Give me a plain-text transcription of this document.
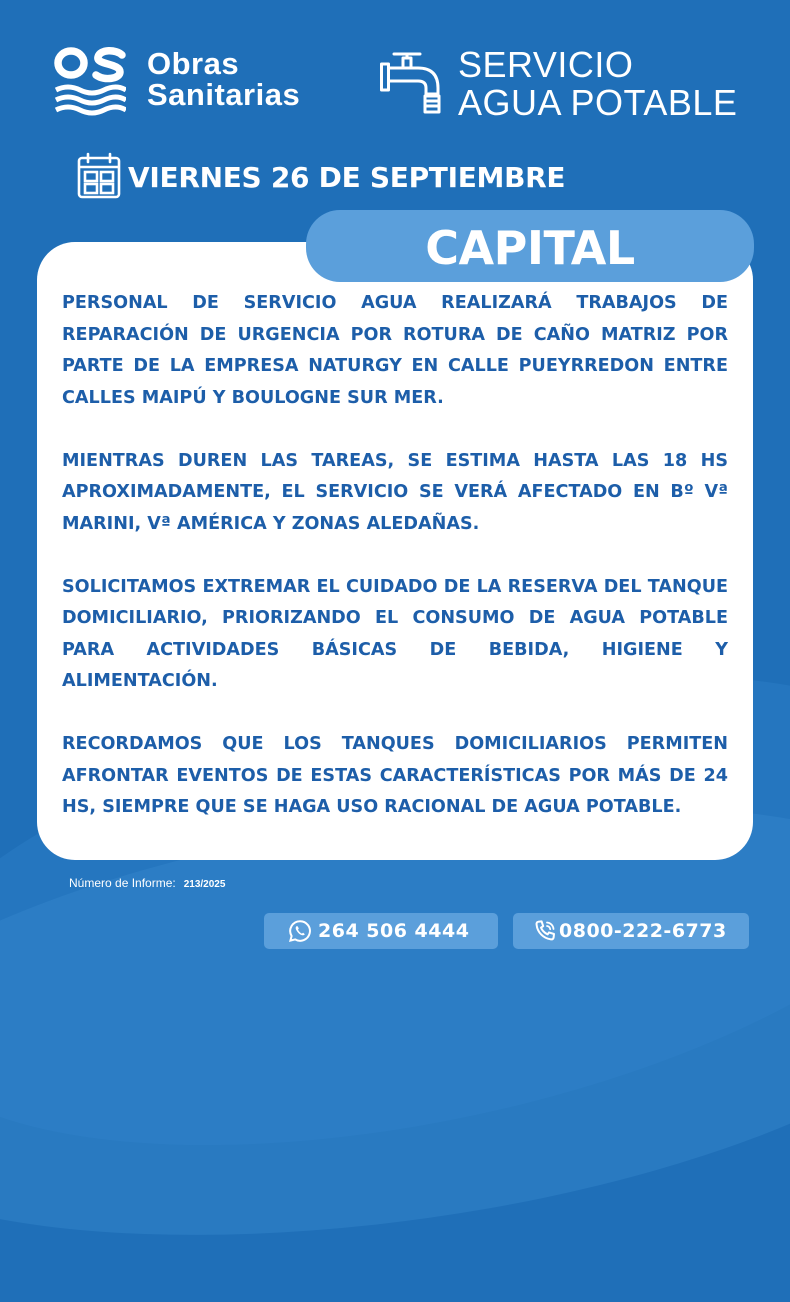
Obras
Sanitarias
SERVICIO
AGUA POTABLE
VIERNES 26 DE SEPTIEMBRE
CAPITAL

PERSONAL DE SERVICIO AGUA REALIZARÁ TRABAJOS DE REPARACIÓN DE URGENCIA POR ROTURA DE CAÑO MATRIZ POR PARTE DE LA EMPRESA NATURGY EN CALLE PUEYRREDON ENTRE CALLES MAIPÚ Y BOULOGNE SUR MER.

MIENTRAS DUREN LAS TAREAS, SE ESTIMA HASTA LAS 18 HS APROXIMADAMENTE, EL SERVICIO SE VERÁ AFECTADO EN Bº Vª MARINI, Vª AMÉRICA Y ZONAS ALEDAÑAS.

SOLICITAMOS EXTREMAR EL CUIDADO DE LA RESERVA DEL TANQUE DOMICILIARIO, PRIORIZANDO EL CONSUMO DE AGUA POTABLE PARA ACTIVIDADES BÁSICAS DE BEBIDA, HIGIENE Y ALIMENTACIÓN.

RECORDAMOS QUE LOS TANQUES DOMICILIARIOS PERMITEN AFRONTAR EVENTOS DE ESTAS CARACTERÍSTICAS POR MÁS DE 24 HS, SIEMPRE QUE SE HAGA USO RACIONAL DE AGUA POTABLE.

Número de Informe: 213/2025
264 506 4444	0800-222-6773
